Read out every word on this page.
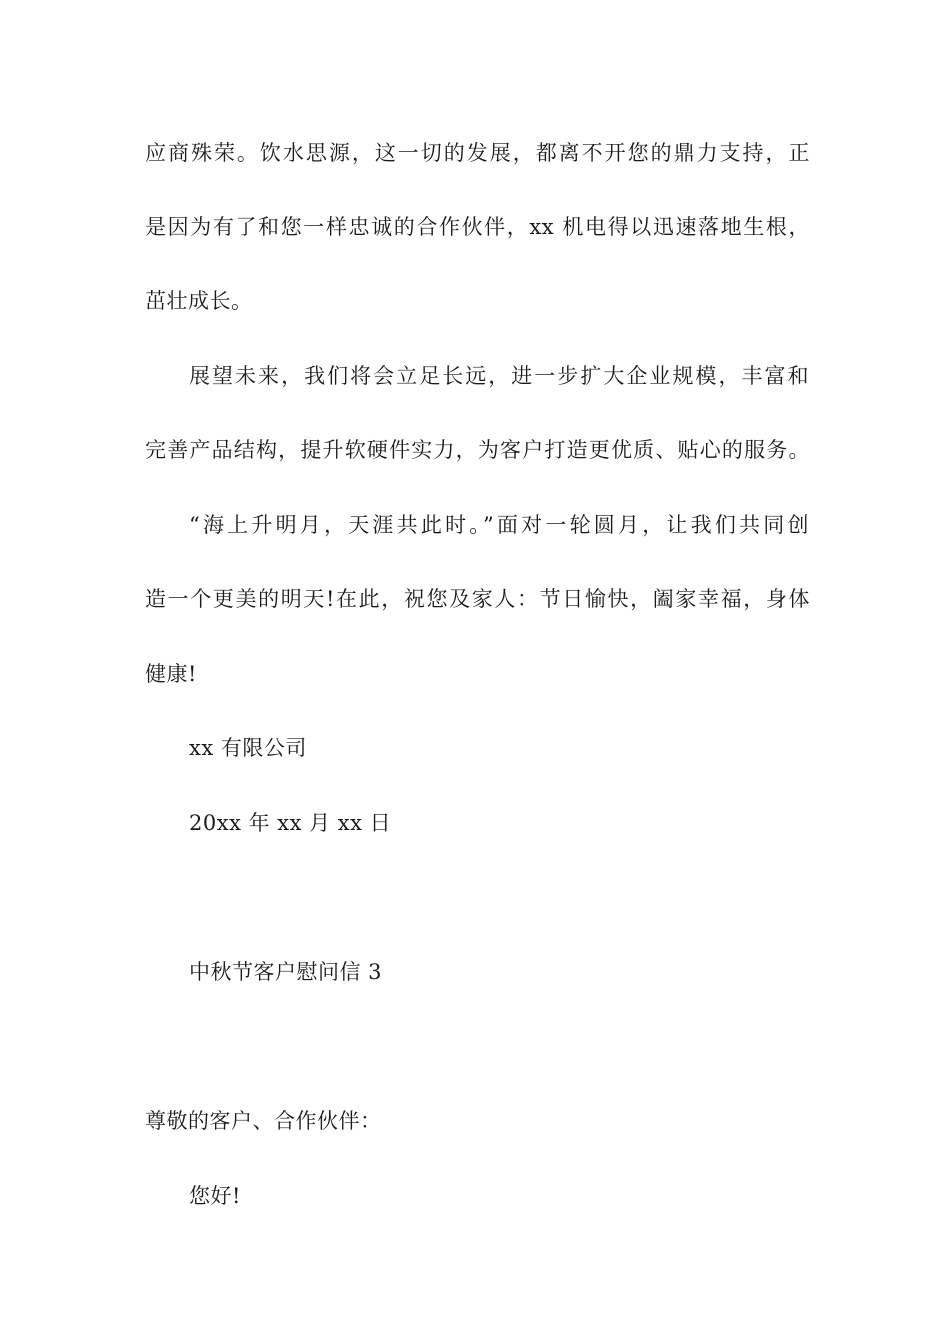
应商殊荣。饮水思源，这一切的发展，都离不开您的鼎力支持，正
是因为有了和您一样忠诚的合作伙伴，xx 机电得以迅速落地生根，
茁壮成长。
展望未来，我们将会立足长远，进一步扩大企业规模，丰富和
完善产品结构，提升软硬件实力，为客户打造更优质、贴心的服务。
“海上升明月，天涯共此时。”面对一轮圆月，让我们共同创
造一个更美的明天!在此，祝您及家人：节日愉快，阖家幸福，身体
健康!
xx 有限公司
20xx 年 xx 月 xx 日
中秋节客户慰问信 3
尊敬的客户、合作伙伴：
您好!
